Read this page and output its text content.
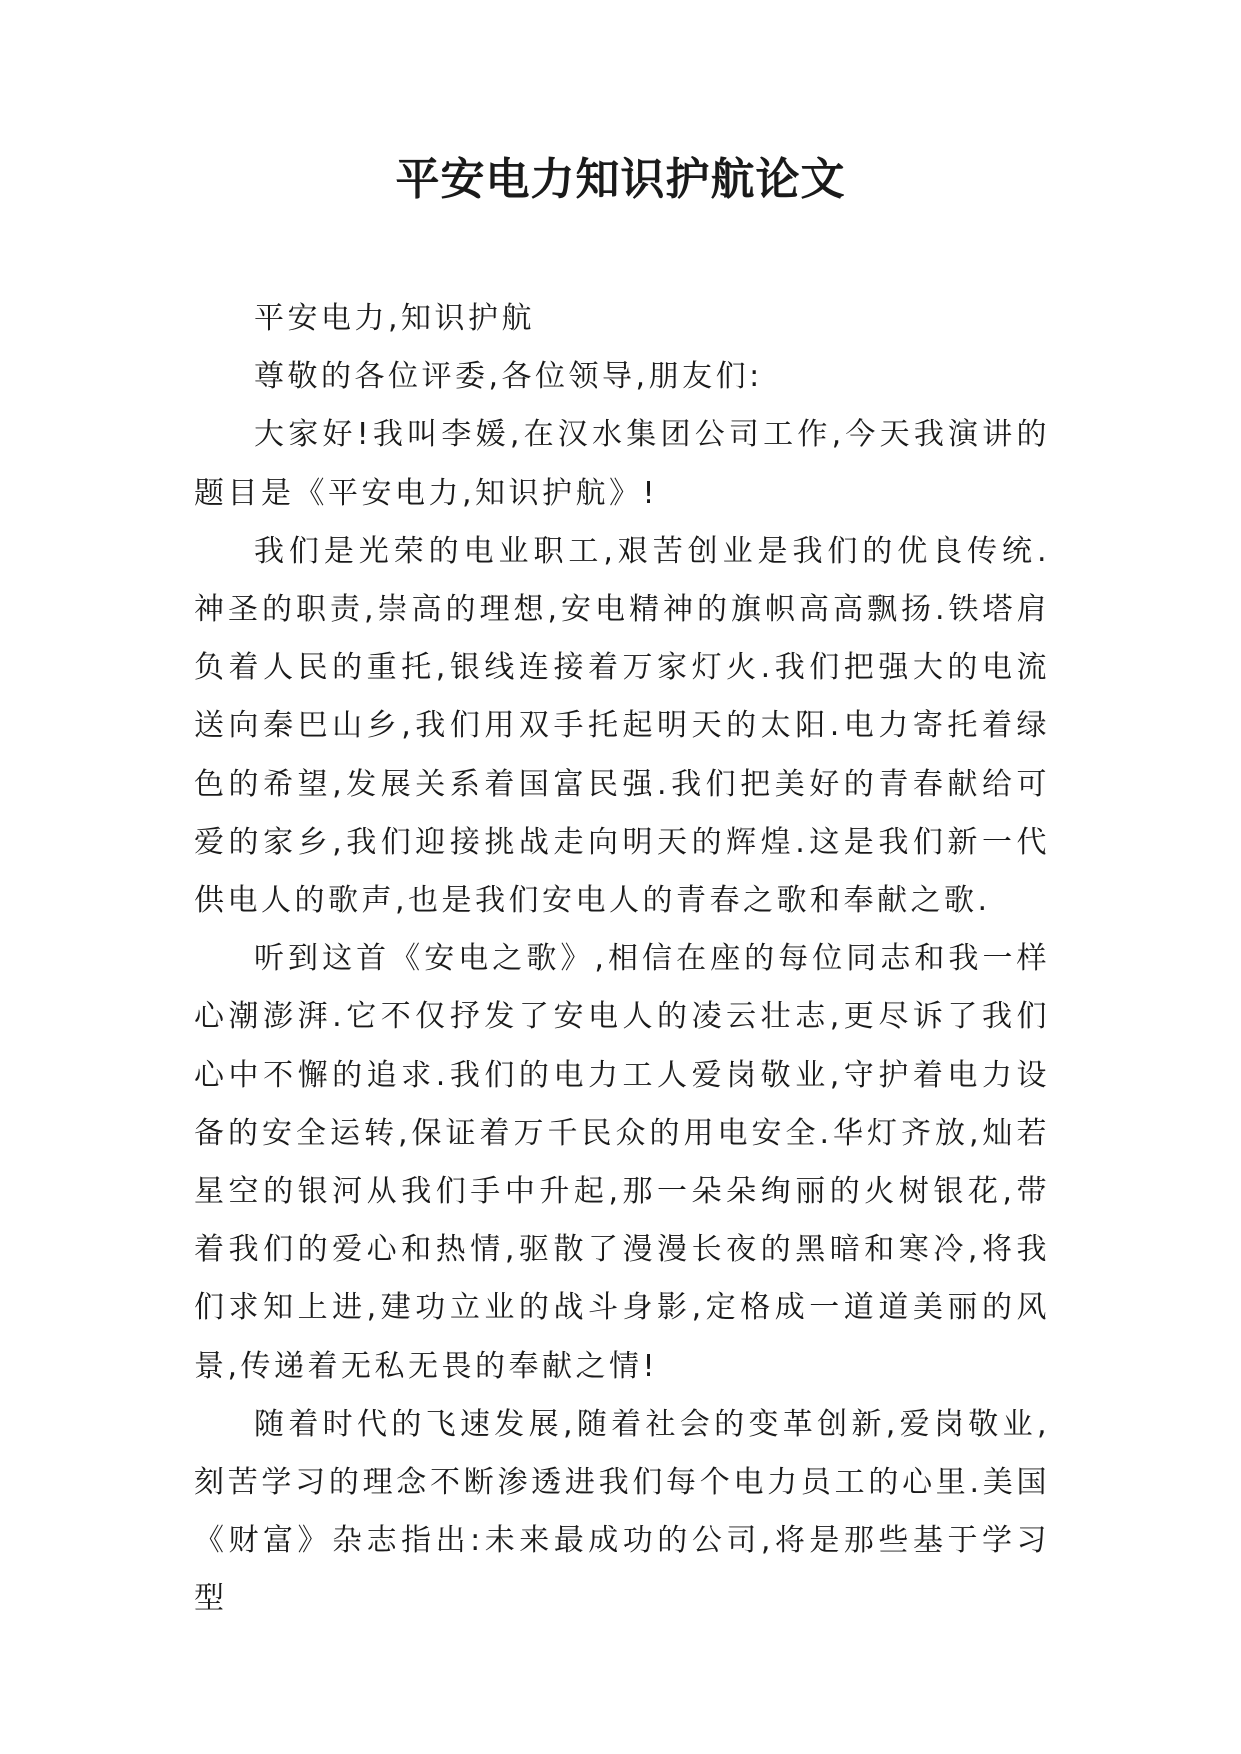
平安电力知识护航论文

平安电力,知识护航

尊敬的各位评委,各位领导,朋友们:

大家好!我叫李媛,在汉水集团公司工作,今天我演讲的题目是《平安电力,知识护航》!

我们是光荣的电业职工,艰苦创业是我们的优良传统.神圣的职责,崇高的理想,安电精神的旗帜高高飘扬.铁塔肩负着人民的重托,银线连接着万家灯火.我们把强大的电流送向秦巴山乡,我们用双手托起明天的太阳.电力寄托着绿色的希望,发展关系着国富民强.我们把美好的青春献给可爱的家乡,我们迎接挑战走向明天的辉煌.这是我们新一代供电人的歌声,也是我们安电人的青春之歌和奉献之歌.

听到这首《安电之歌》,相信在座的每位同志和我一样心潮澎湃.它不仅抒发了安电人的凌云壮志,更尽诉了我们心中不懈的追求.我们的电力工人爱岗敬业,守护着电力设备的安全运转,保证着万千民众的用电安全.华灯齐放,灿若星空的银河从我们手中升起,那一朵朵绚丽的火树银花,带着我们的爱心和热情,驱散了漫漫长夜的黑暗和寒冷,将我们求知上进,建功立业的战斗身影,定格成一道道美丽的风景,传递着无私无畏的奉献之情!

随着时代的飞速发展,随着社会的变革创新,爱岗敬业,刻苦学习的理念不断渗透进我们每个电力员工的心里.美国《财富》杂志指出:未来最成功的公司,将是那些基于学习型
